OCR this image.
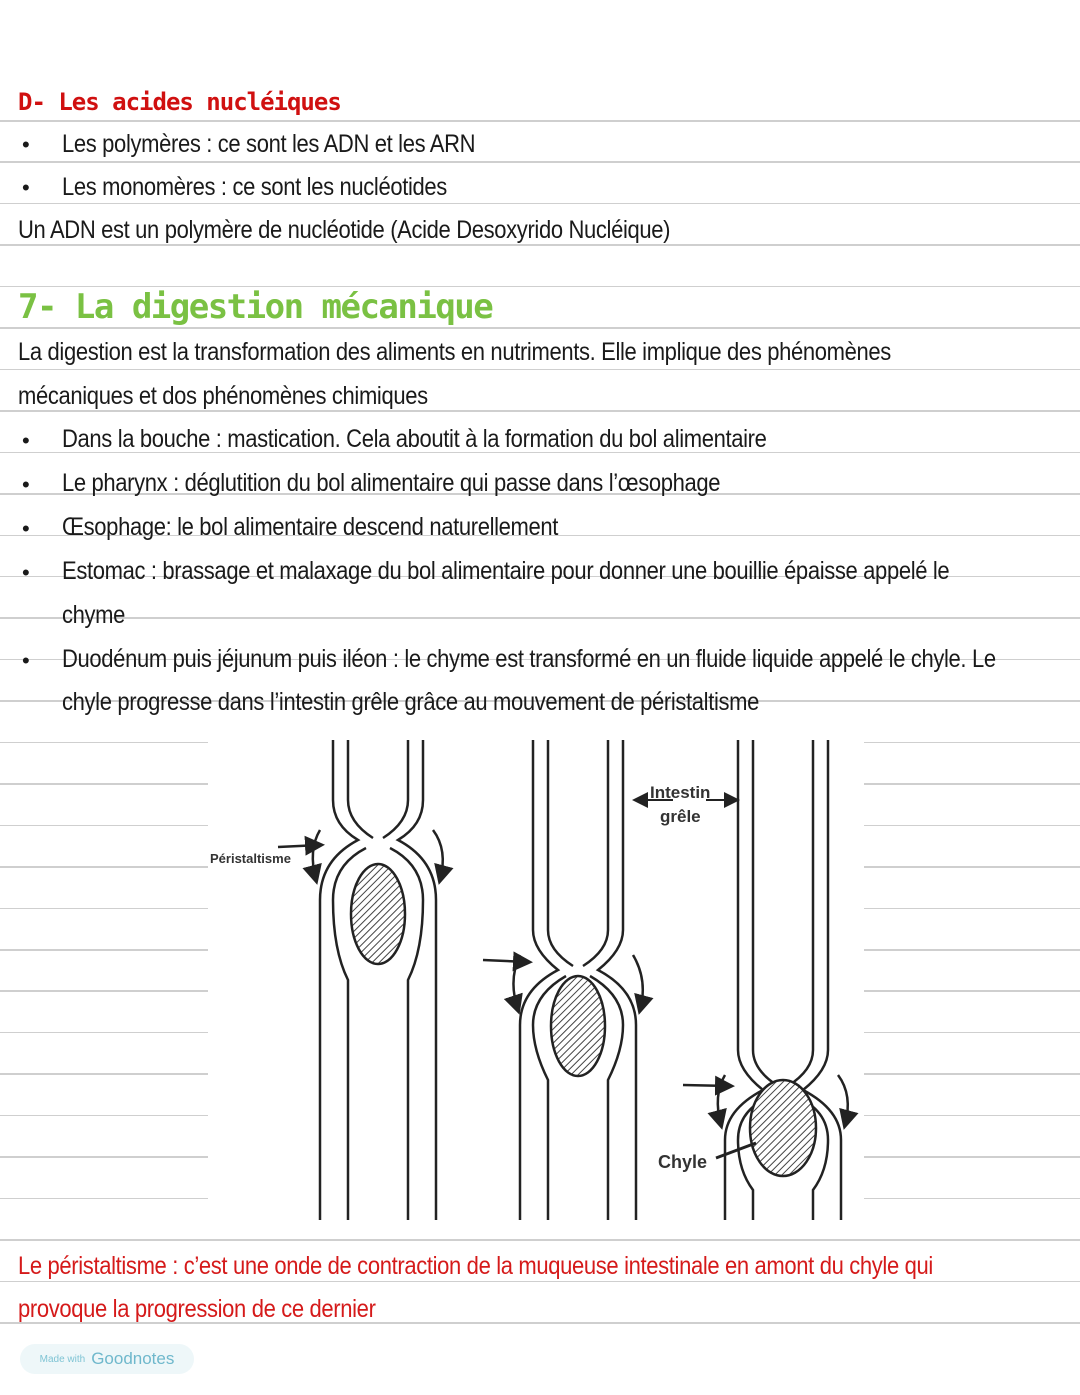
D- Les acides nucléiques
• Les polymères : ce sont les ADN et les ARN
• Les monomères : ce sont les nucléotides
Un ADN est un polymère de nucléotide (Acide Desoxyrido Nucléique)
7- La digestion mécanique
La digestion est la transformation des aliments en nutriments. Elle implique des phénomènes
mécaniques et dos phénomènes chimiques
• Dans la bouche : mastication. Cela aboutit à la formation du bol alimentaire
• Le pharynx : déglutition du bol alimentaire qui passe dans l’œsophage
• Œsophage: le bol alimentaire descend naturellement
• Estomac : brassage et malaxage du bol alimentaire pour donner une bouillie épaisse appelé le
chyme
• Duodénum puis jéjunum puis iléon : le chyme est transformé en un fluide liquide appelé le chyle. Le
chyle progresse dans l’intestin grêle grâce au mouvement de péristaltisme
Péristaltisme
Intestin
grêle
Chyle
Le péristaltisme : c’est une onde de contraction de la muqueuse intestinale en amont du chyle qui
provoque la progression de ce dernier
Made with Goodnotes
